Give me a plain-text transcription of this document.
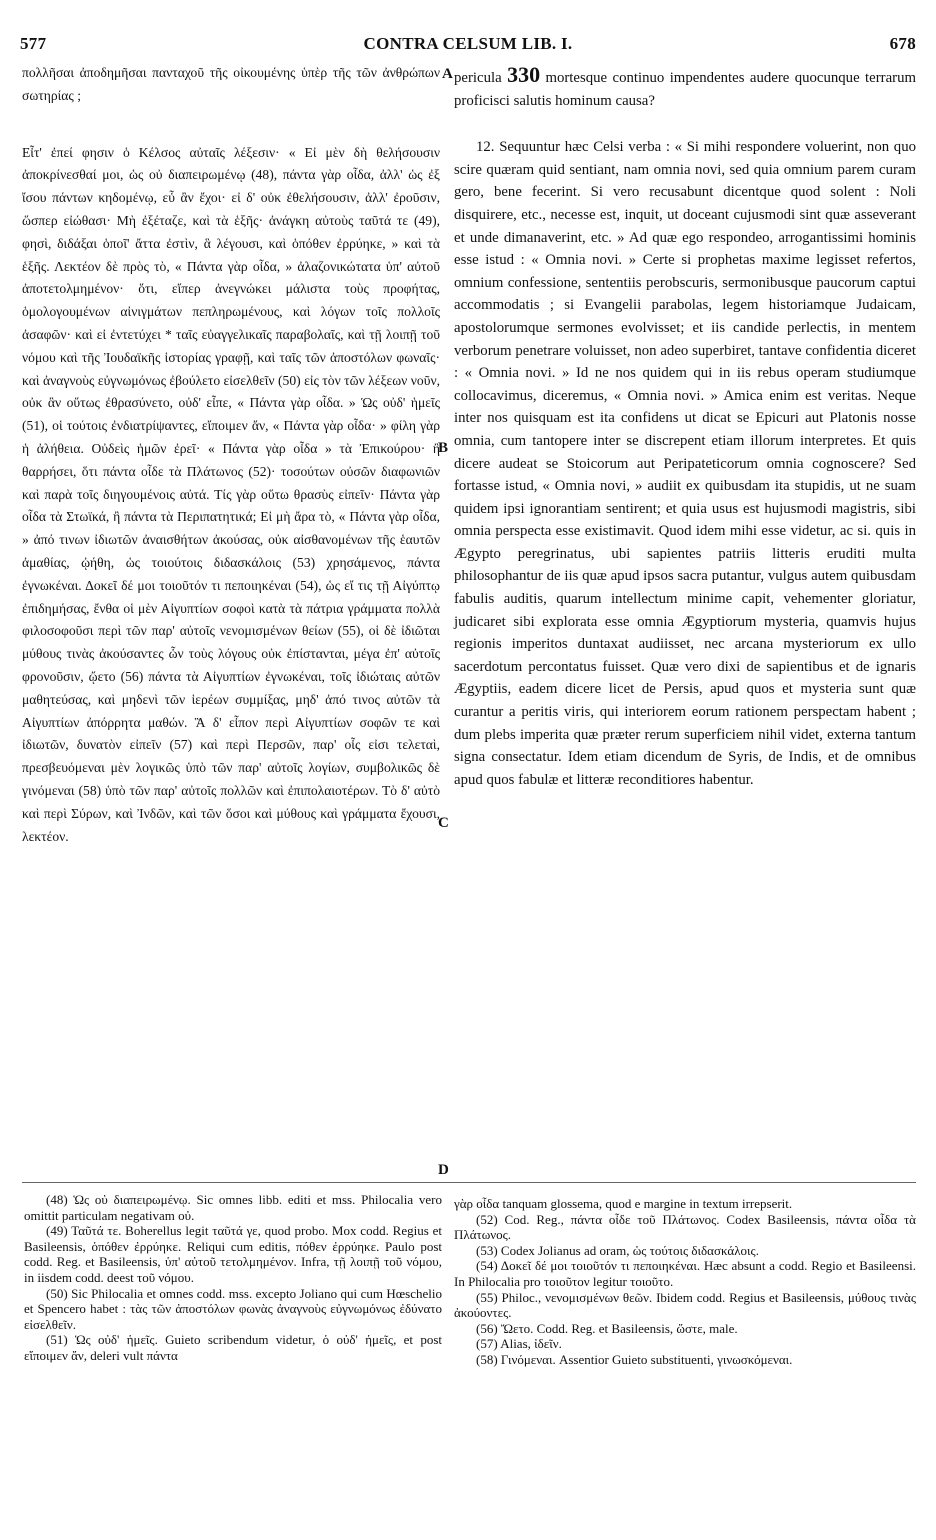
577	CONTRA CELSUM LIB. I.	678

πολλῆσαι ἀποδημῆσαι πανταχοῦ τῆς οἰκουμένης ὑπὲρ τῆς τῶν ἀνθρώπων σωτηρίας ;

Εἶτ' ἐπεί φησιν ὁ Κέλσος αὐταῖς λέξεσιν· « Εἰ μὲν δὴ θελήσουσιν ἀποκρίνεσθαί μοι, ὡς οὐ διαπειρωμένῳ (48), πάντα γὰρ οἶδα, ἀλλ' ὡς ἐξ ἴσου πάντων κηδομένῳ, εὖ ἂν ἔχοι· εἰ δ' οὐκ ἐθελήσουσιν, ἀλλ' ἐροῦσιν, ὥσπερ εἰώθασι· Μὴ ἐξέταζε, καὶ τὰ ἑξῆς· ἀνάγκη αὐτοὺς ταῦτά τε (49), φησὶ, διδάξαι ὁποῖ' ἄττα ἐστὶν, ἃ λέγουσι, καὶ ὁπόθεν ἐρρύηκε, » καὶ τὰ ἑξῆς. Λεκτέον δὲ πρὸς τὸ, « Πάντα γὰρ οἶδα, » ἀλαζονικώτατα ὑπ' αὐτοῦ ἀποτετολμημένον· ὅτι, εἴπερ ἀνεγνώκει μάλιστα τοὺς προφήτας, ὁμολογουμένων αἰνιγμάτων πεπληρωμένους, καὶ λόγων τοῖς πολλοῖς ἀσαφῶν· καὶ εἰ ἐντετύχει * ταῖς εὐαγγελικαῖς παραβολαῖς, καὶ τῇ λοιπῇ τοῦ νόμου καὶ τῆς Ἰουδαϊκῆς ἱστορίας γραφῇ, καὶ ταῖς τῶν ἀποστόλων φωναῖς· καὶ ἀναγνοὺς εὐγνωμόνως ἐβούλετο εἰσελθεῖν (50) εἰς τὸν τῶν λέξεων νοῦν, οὐκ ἂν οὕτως ἐθρασύνετο, οὐδ' εἶπε, « Πάντα γὰρ οἶδα. » Ὡς οὐδ' ἡμεῖς (51), οἱ τούτοις ἐνδιατρίψαντες, εἴποιμεν ἄν, « Πάντα γὰρ οἶδα· » φίλη γὰρ ἡ ἀλήθεια. Οὐδεὶς ἡμῶν ἐρεῖ· « Πάντα γὰρ οἶδα » τὰ Ἐπικούρου· ἢ θαρρήσει, ὅτι πάντα οἶδε τὰ Πλάτωνος (52)· τοσούτων οὐσῶν διαφωνιῶν καὶ παρὰ τοῖς διηγουμένοις αὐτά. Τίς γὰρ οὕτω θρασὺς εἰπεῖν· Πάντα γὰρ οἶδα τὰ Στωϊκά, ἢ πάντα τὰ Περιπατητικά; Εἰ μὴ ἄρα τὸ, « Πάντα γὰρ οἶδα, » ἀπό τινων ἰδιωτῶν ἀναισθήτων ἀκούσας, οὐκ αἰσθανομένων τῆς ἑαυτῶν ἀμαθίας, ᾠήθη, ὡς τοιούτοις διδασκάλοις (53) χρησάμενος, πάντα ἐγνωκέναι. Δοκεῖ δέ μοι τοιοῦτόν τι πεποιηκέναι (54), ὡς εἴ τις τῇ Αἰγύπτῳ ἐπιδημήσας, ἔνθα οἱ μὲν Αἰγυπτίων σοφοὶ κατὰ τὰ πάτρια γράμματα πολλὰ φιλοσοφοῦσι περὶ τῶν παρ' αὐτοῖς νενομισμένων θείων (55), οἱ δὲ ἰδιῶται μύθους τινὰς ἀκούσαντες ὧν τοὺς λόγους οὐκ ἐπίστανται, μέγα ἐπ' αὐτοῖς φρονοῦσιν, ᾤετο (56) πάντα τὰ Αἰγυπτίων ἐγνωκέναι, τοῖς ἰδιώταις αὐτῶν μαθητεύσας, καὶ μηδενὶ τῶν ἱερέων συμμίξας, μηδ' ἀπό τινος αὐτῶν τὰ Αἰγυπτίων ἀπόρρητα μαθών. Ἃ δ' εἶπον περὶ Αἰγυπτίων σοφῶν τε καὶ ἰδιωτῶν, δυνατὸν εἰπεῖν (57) καὶ περὶ Περσῶν, παρ' οἷς εἰσι τελεταὶ, πρεσβευόμεναι μὲν λογικῶς ὑπὸ τῶν παρ' αὐτοῖς λογίων, συμβολικῶς δὲ γινόμεναι (58) ὑπὸ τῶν παρ' αὐτοῖς πολλῶν καὶ ἐπιπολαιοτέρων. Τὸ δ' αὐτὸ καὶ περὶ Σύρων, καὶ Ἰνδῶν, καὶ τῶν ὅσοι καὶ μύθους καὶ γράμματα ἔχουσι, λεκτέον.

pericula 330 mortesque continuo impendentes audere quocunque terrarum proficisci salutis hominum causa?

12. Sequuntur hæc Celsi verba : « Si mihi respondere voluerint, non quo scire quæram quid sentiant, nam omnia novi, sed quia omnium parem curam gero, bene fecerint. Si vero recusabunt dicentque quod solent : Noli disquirere, etc., necesse est, inquit, ut doceant cujusmodi sint quæ asseverant et unde dimanaverint, etc. » Ad quæ ego respondeo, arrogantissimi hominis esse istud : « Omnia novi. » Certe si prophetas maxime legisset refertos, omnium confessione, sententiis perobscuris, sermonibusque paucorum captui accommodatis ; si Evangelii parabolas, legem historiamque Judaicam, apostolorumque sermones evolvisset; et iis candide perlectis, in mentem verborum penetrare voluisset, non adeo superbiret, tantave confidentia diceret : « Omnia novi. » Id ne nos quidem qui in iis rebus operam studiumque collocavimus, diceremus, « Omnia novi. » Amica enim est veritas. Neque inter nos quisquam est ita confidens ut dicat se Epicuri aut Platonis nosse omnia, cum tantopere inter se discrepent etiam illorum interpretes. Et quis dicere audeat se Stoicorum aut Peripateticorum omnia cognoscere? Sed fortasse istud, « Omnia novi, » audiit ex quibusdam ita stupidis, ut ne suam quidem ipsi ignorantiam sentirent; et quia usus est hujusmodi magistris, sibi omnia perspecta esse existimavit. Quod idem mihi esse videtur, ac si. quis in Ægypto peregrinatus, ubi sapientes patriis litteris eruditi multa philosophantur de iis quæ apud ipsos sacra putantur, vulgus autem quibusdam fabulis auditis, quarum intellectum minime capit, vehementer gloriatur, judicaret sibi explorata esse omnia Ægyptiorum mysteria, quamvis hujus regionis imperitos duntaxat audiisset, nec arcana mysteriorum ex ullo sacerdotum percontatus fuisset. Quæ vero dixi de sapientibus et de ignaris Ægyptiis, eadem dicere licet de Persis, apud quos et mysteria sunt quæ curantur a peritis viris, qui interiorem eorum rationem perspectam habent ; dum plebs imperita quæ præter rerum superficiem nihil videt, externa tantum signa consectatur. Idem etiam dicendum de Syris, de Indis, et de omnibus apud quos fabulæ et litteræ reconditiores habentur.

A
B
C
D

(48) Ὡς οὐ διαπειρωμένῳ. Sic omnes libb. editi et mss. Philocalia vero omittit particulam negativam οὐ.

(49) Ταῦτά τε. Boherellus legit ταῦτά γε, quod probo. Mox codd. Regius et Basileensis, ὁπόθεν ἐρρύηκε. Reliqui cum editis, πόθεν ἐρρύηκε. Paulo post codd. Reg. et Basileensis, ὑπ' αὐτοῦ τετολμημένον. Infra, τῇ λοιπῇ τοῦ νόμου, in iisdem codd. deest τοῦ νόμου.

(50) Sic Philocalia et omnes codd. mss. excepto Joliano qui cum Hœschelio et Spencero habet : τὰς τῶν ἀποστόλων φωνὰς ἀναγνοὺς εὐγνωμόνως ἐδύνατο εἰσελθεῖν.

(51) Ὡς οὐδ' ἡμεῖς. Guieto scribendum videtur, ὁ οὐδ' ἡμεῖς, et post εἴποιμεν ἄν, deleri vult πάντα

γὰρ οἶδα tanquam glossema, quod e margine in textum irrepserit.

(52) Cod. Reg., πάντα οἶδε τοῦ Πλάτωνος. Codex Basileensis, πάντα οἶδα τὰ Πλάτωνος.

(53) Codex Jolianus ad oram, ὡς τούτοις διδασκάλοις.

(54) Δοκεῖ δέ μοι τοιοῦτόν τι πεποιηκέναι. Hæc absunt a codd. Regio et Basileensi. In Philocalia pro τοιοῦτον legitur τοιοῦτο.

(55) Philoc., νενομισμένων θεῶν. Ibidem codd. Regius et Basileensis, μύθους τινὰς ἀκούοντες.

(56) Ὤετο. Codd. Reg. et Basileensis, ὥστε, male.

(57) Alias, ἰδεῖν.

(58) Γινόμεναι. Assentior Guieto substituenti, γινωσκόμεναι.
